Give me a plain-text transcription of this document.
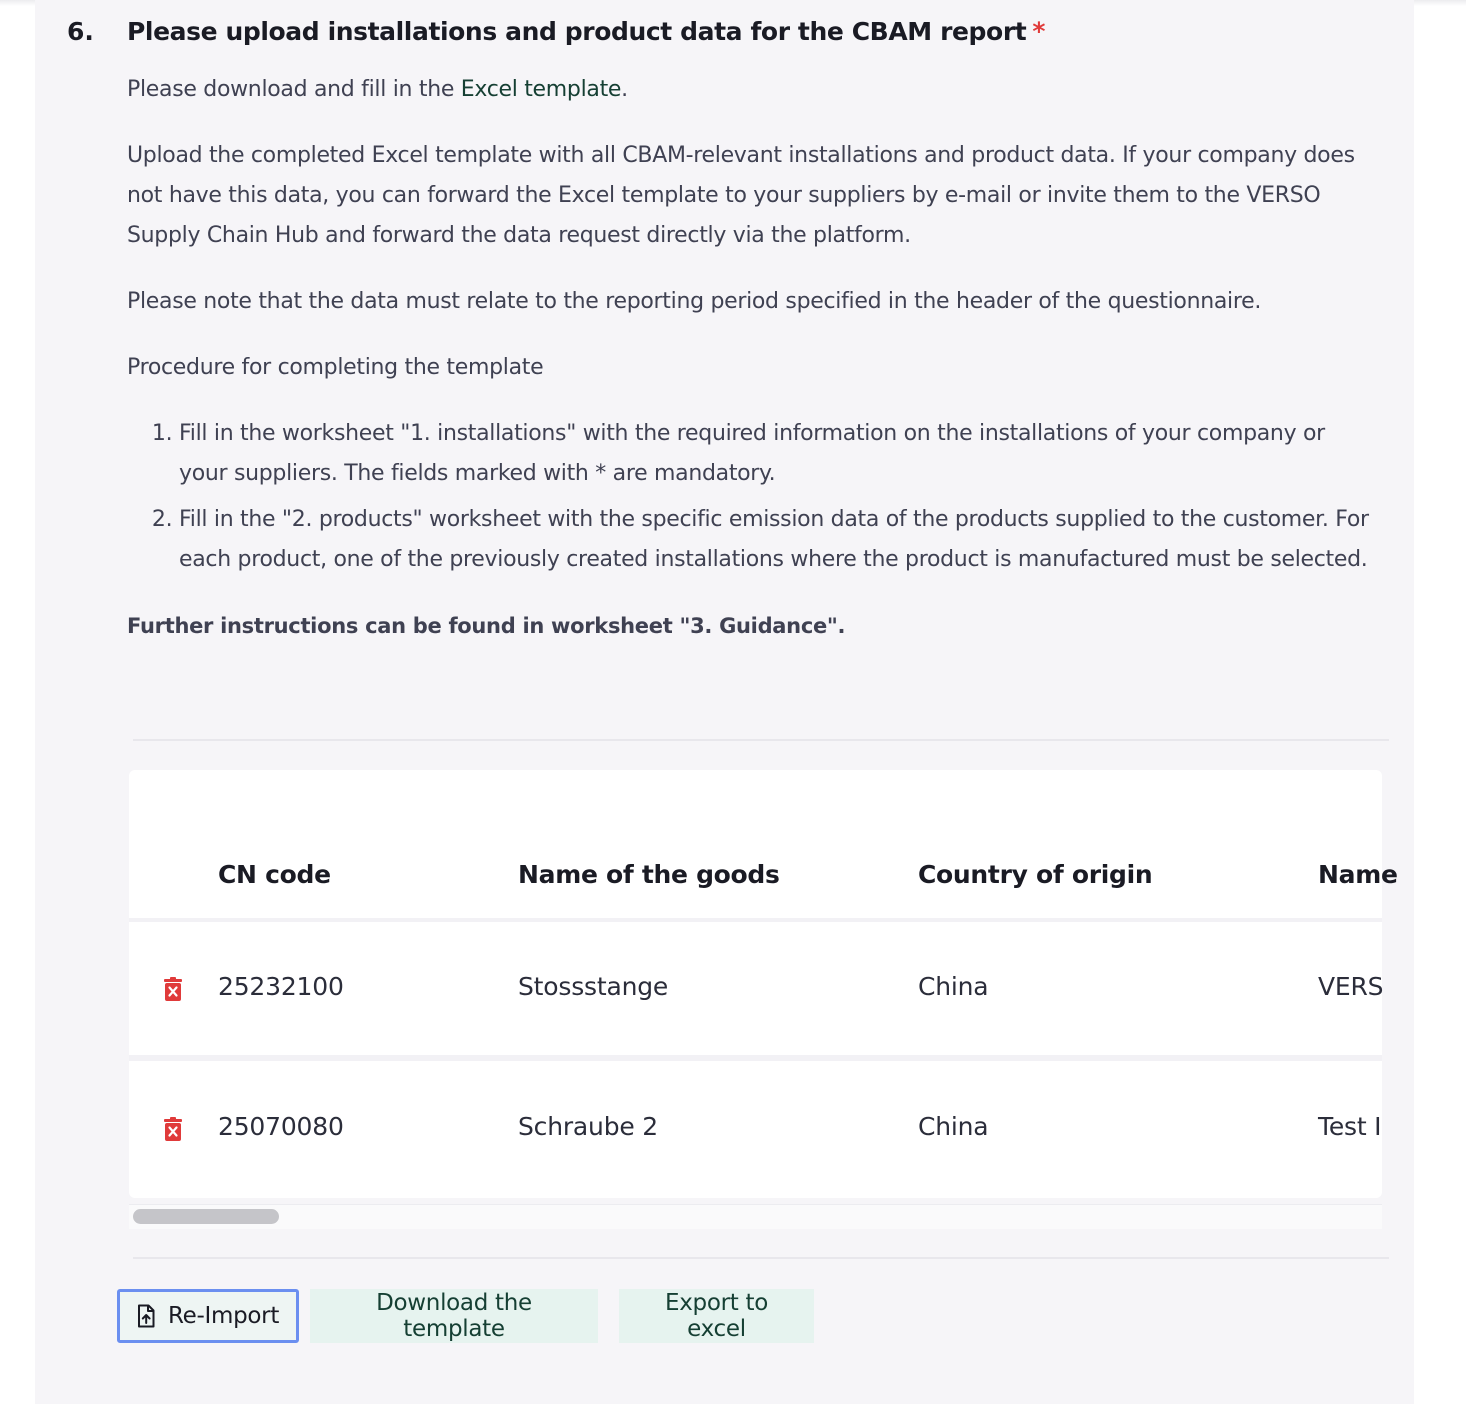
6. Please upload installations and product data for the CBAM report *

Please download and fill in the Excel template.

Upload the completed Excel template with all CBAM-relevant installations and product data. If your company does not have this data, you can forward the Excel template to your suppliers by e-mail or invite them to the VERSO Supply Chain Hub and forward the data request directly via the platform.

Please note that the data must relate to the reporting period specified in the header of the questionnaire.

Procedure for completing the template

1. Fill in the worksheet "1. installations" with the required information on the installations of your company or your suppliers. The fields marked with * are mandatory.
2. Fill in the "2. products" worksheet with the specific emission data of the products supplied to the customer. For each product, one of the previously created installations where the product is manufactured must be selected.

Further instructions can be found in worksheet "3. Guidance".

CN code	Name of the goods	Country of origin	Name
25232100	Stossstange	China	VERS
25070080	Schraube 2	China	Test I
Re-Import	Download the template
Export to excel
